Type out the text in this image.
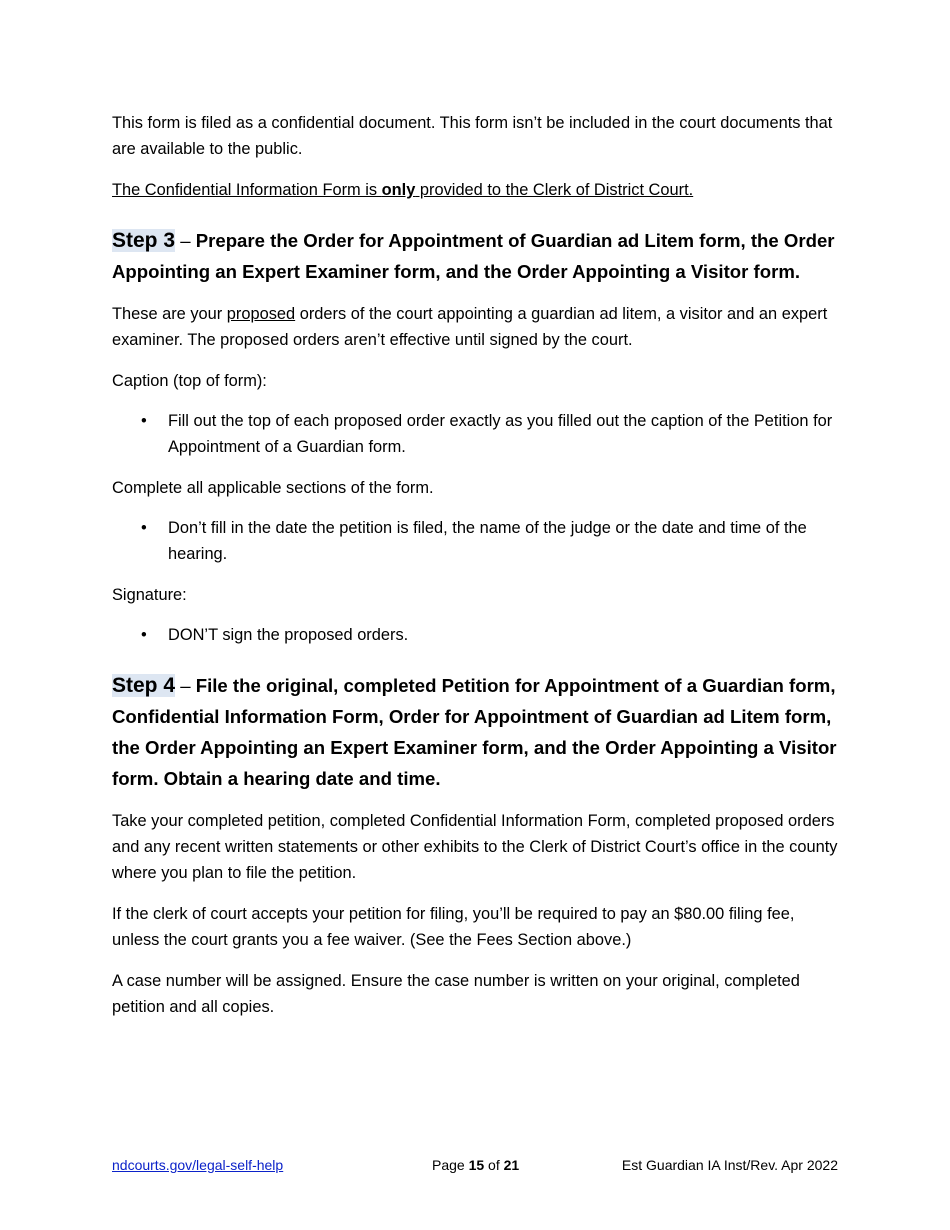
This form is filed as a confidential document. This form isn’t be included in the court documents that are available to the public.

The Confidential Information Form is only provided to the Clerk of District Court.

Step 3 – Prepare the Order for Appointment of Guardian ad Litem form, the Order Appointing an Expert Examiner form, and the Order Appointing a Visitor form.

These are your proposed orders of the court appointing a guardian ad litem, a visitor and an expert examiner. The proposed orders aren’t effective until signed by the court.

Caption (top of form):

• Fill out the top of each proposed order exactly as you filled out the caption of the Petition for Appointment of a Guardian form.

Complete all applicable sections of the form.

• Don’t fill in the date the petition is filed, the name of the judge or the date and time of the hearing.

Signature:

• DON’T sign the proposed orders.
Step 4 – File the original, completed Petition for Appointment of a Guardian form, Confidential Information Form, Order for Appointment of Guardian ad Litem form, the Order Appointing an Expert Examiner form, and the Order Appointing a Visitor form. Obtain a hearing date and time.

Take your completed petition, completed Confidential Information Form, completed proposed orders and any recent written statements or other exhibits to the Clerk of District Court’s office in the county where you plan to file the petition.

If the clerk of court accepts your petition for filing, you’ll be required to pay an $80.00 filing fee, unless the court grants you a fee waiver. (See the Fees Section above.)

A case number will be assigned. Ensure the case number is written on your original, completed petition and all copies.

ndcourts.gov/legal-self-help	Page 15 of 21	Est Guardian IA Inst/Rev. Apr 2022
